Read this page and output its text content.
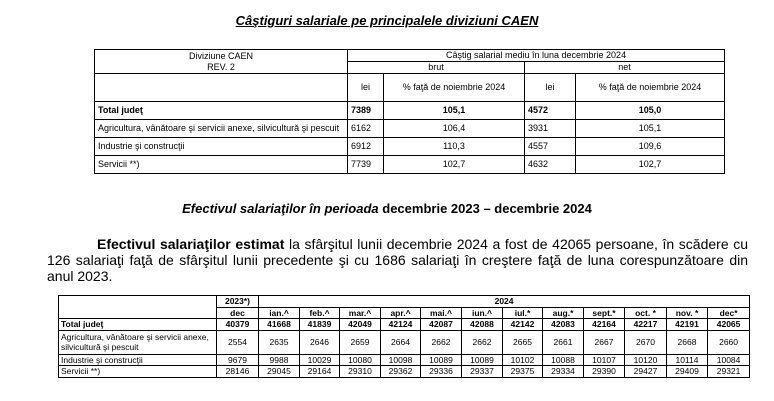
Câştiguri salariale pe principalele diviziuni CAEN
Diviziune CAEN
REV. 2	Câştig salarial mediu în luna decembrie 2024			
	brut		net	
	lei	% faţă de noiembrie 2024	lei	% faţă de noiembrie 2024
Total judeţ	7389	105,1	4572	105,0
Agricultura, vânătoare şi servicii anexe, silvicultură şi pescuit	6162	106,4	3931	105,1
Industrie şi construcţii	6912	110,3	4557	109,6
Servicii **)	7739	102,7	4632	102,7
Efectivul salariaţilor în perioada decembrie 2023 – decembrie 2024
Efectivul salariaţilor estimat la sfârşitul lunii decembrie 2024 a fost de 42065 persoane, în scădere cu 126 salariaţi faţă de sfârşitul lunii precedente şi cu 1686 salariaţi în creştere faţă de luna corespunzătoare din anul 2023.
	2023*)	2024											
	dec	ian.^	feb.^	mar.^	apr.^	mai.^	iun.^	iul.*	aug.*	sept.*	oct. *	nov. *	dec*
Total judeţ	40379	41668	41839	42049	42124	42087	42088	42142	42083	42164	42217	42191	42065
Agricultura, vânătoare şi servicii anexe, silvicultură şi pescuit	2554	2635	2646	2659	2664	2662	2662	2665	2661	2667	2670	2668	2660
Industrie şi construcţii	9679	9988	10029	10080	10098	10089	10089	10102	10088	10107	10120	10114	10084
Servicii **)	28146	29045	29164	29310	29362	29336	29337	29375	29334	29390	29427	29409	29321
